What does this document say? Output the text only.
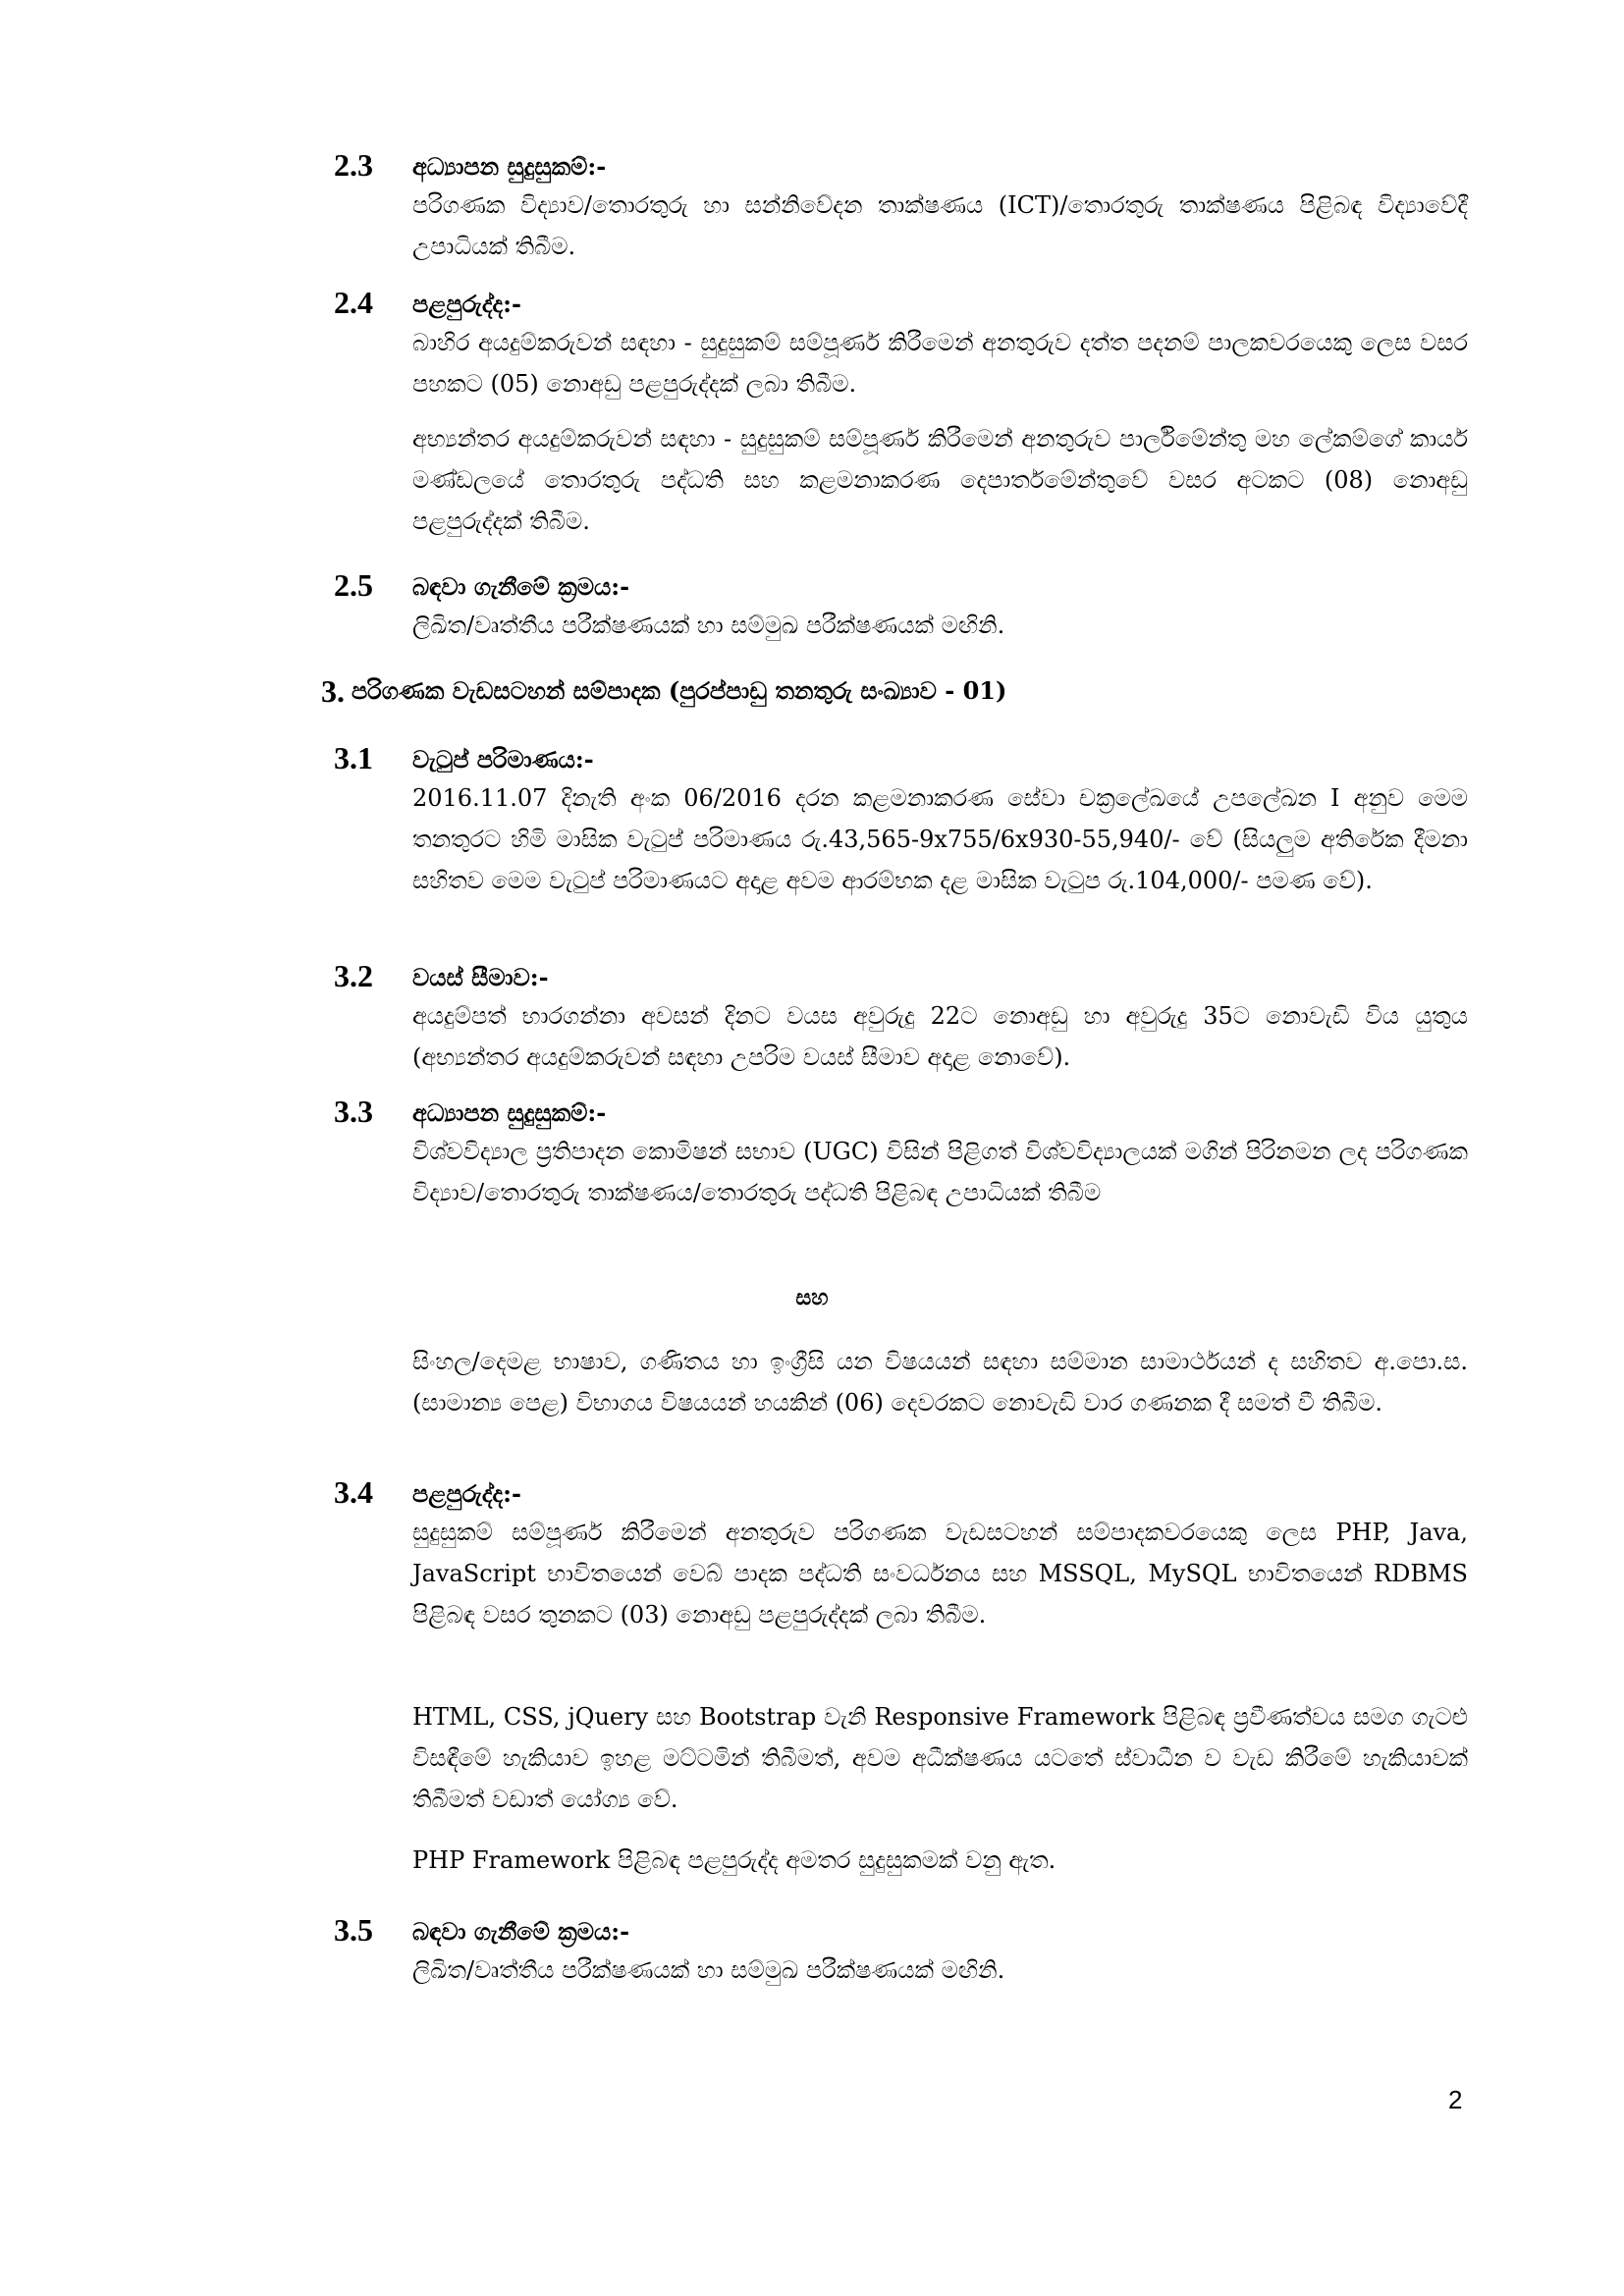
2.3 අධ්‍යාපන සුදුසුකම්:-
පරිගණක විද්‍යාව/තොරතුරු හා සන්නිවේදන තාක්ෂණය (ICT)/තොරතුරු තාක්ෂණය පිළිබඳ විද්‍යාවේදී උපාධියක් තිබීම.
2.4 පළපුරුද්ද:-
බාහිර අයදුම්කරුවන් සඳහා - සුදුසුකම් සම්පූර්ණ කිරීමෙන් අනතුරුව දත්ත පදනම් පාලකවරයෙකු ලෙස වසර පහකට (05) නොඅඩු පළපුරුද්දක් ලබා තිබීම.
අභ්‍යන්තර අයදුම්කරුවන් සඳහා - සුදුසුකම් සම්පූර්ණ කිරීමෙන් අනතුරුව පාර්ලිමේන්තු මහ ලේකම්ගේ කාර්ය මණ්ඩලයේ තොරතුරු පද්ධති සහ කළමනාකරණ දෙපාර්තමේන්තුවේ වසර අටකට (08) නොඅඩු පළපුරුද්දක් තිබීම.
2.5 බඳවා ගැනීමේ ක්‍රමය:-
ලිඛිත/වෘත්තීය පරීක්ෂණයක් හා සම්මුඛ පරීක්ෂණයක් මඟිනි.
3. පරිගණක වැඩසටහන් සම්පාදක (පුරප්පාඩු තනතුරු සංඛ්‍යාව - 01)
3.1 වැටුප් පරිමාණය:-
2016.11.07 දිනැති අංක 06/2016 දරන කළමනාකරණ සේවා චක්‍රලේඛයේ උපලේඛන I අනුව මෙම තනතුරට හිමි මාසික වැටුප් පරිමාණය රු.43,565-9x755/6x930-55,940/- වේ (සියලුම අතිරේක දීමනා සහිතව මෙම වැටුප් පරිමාණයට අදාළ අවම ආරම්භක දළ මාසික වැටුප රු.104,000/- පමණ වේ).
3.2 වයස් සීමාව:-
අයදුම්පත් භාරගන්නා අවසන් දිනට වයස අවුරුදු 22ට නොඅඩු හා අවුරුදු 35ට නොවැඩි විය යුතුය (අභ්‍යන්තර අයදුම්කරුවන් සඳහා උපරිම වයස් සීමාව අදාළ නොවේ).
3.3 අධ්‍යාපන සුදුසුකම්:-
විශ්වවිද්‍යාල ප්‍රතිපාදන කොමිෂන් සභාව (UGC) විසින් පිළිගත් විශ්වවිද්‍යාලයක් මගින් පිරිනමන ලද පරිගණක විද්‍යාව/තොරතුරු තාක්ෂණය/තොරතුරු පද්ධති පිළිබඳ උපාධියක් තිබීම
සහ
සිංහල/දෙමළ භාෂාව, ගණිතය හා ඉංග්‍රීසි යන විෂයයන් සඳහා සම්මාන සාමාර්ථයන් ද සහිතව අ.පො.ස. (සාමාන්‍ය පෙළ) විභාගය විෂයයන් හයකින් (06) දෙවරකට නොවැඩි වාර ගණනක දී සමත් වී තිබීම.
3.4 පළපුරුද්ද:-
සුදුසුකම් සම්පූර්ණ කිරීමෙන් අනතුරුව පරිගණක වැඩසටහන් සම්පාදකවරයෙකු ලෙස PHP, Java, JavaScript භාවිතයෙන් වෙබ් පාදක පද්ධති සංවර්ධනය සහ MSSQL, MySQL භාවිතයෙන් RDBMS පිළිබඳ වසර තුනකට (03) නොඅඩු පළපුරුද්දක් ලබා තිබීම.
HTML, CSS, jQuery සහ Bootstrap වැනි Responsive Framework පිළිබඳ ප්‍රවීණත්වය සමග ගැටළු විසඳීමේ හැකියාව ඉහළ මට්ටමින් තිබීමත්, අවම අධීක්ෂණය යටතේ ස්වාධීන ව වැඩ කිරීමේ හැකියාවක් තිබීමත් වඩාත් යෝග්‍ය වේ.
PHP Framework පිළිබඳ පළපුරුද්ද අමතර සුදුසුකමක් වනු ඇත.
3.5 බඳවා ගැනීමේ ක්‍රමය:-
ලිඛිත/වෘත්තීය පරීක්ෂණයක් හා සම්මුඛ පරීක්ෂණයක් මඟිනි.
2
